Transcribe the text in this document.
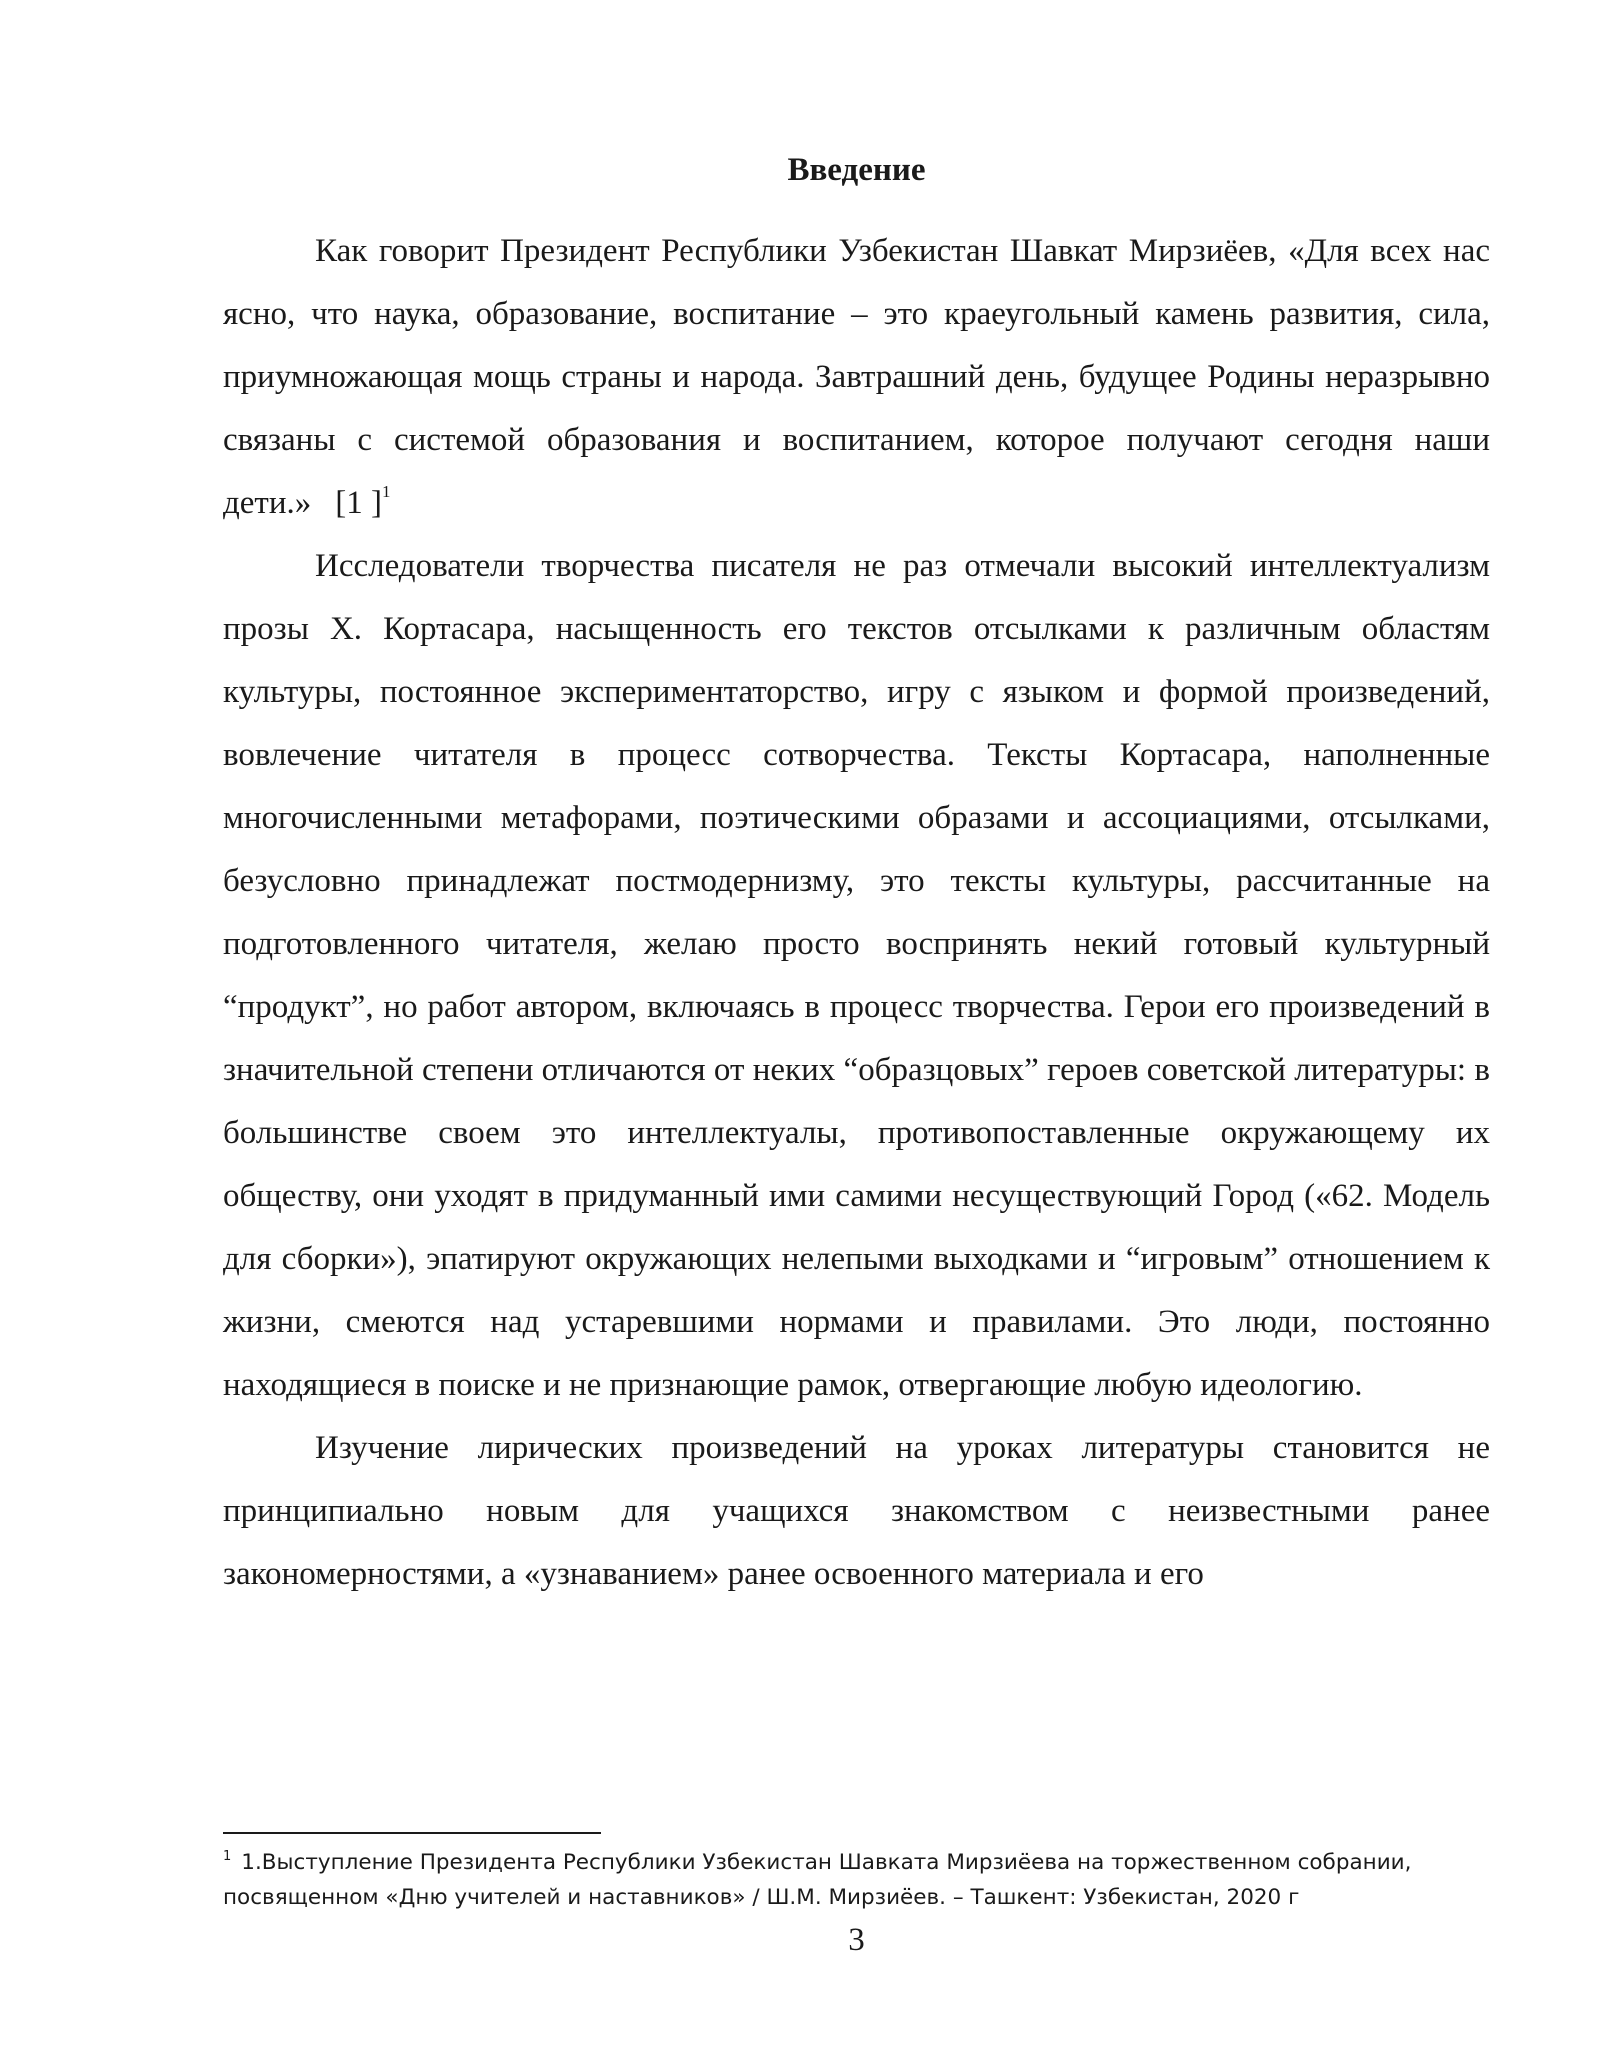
Введение

Как говорит Президент Республики Узбекистан Шавкат Мирзиёев, «Для всех нас ясно, что наука, образование, воспитание – это краеугольный камень развития, сила, приумножающая мощь страны и народа. Завтрашний день, будущее Родины неразрывно связаны с системой образования и воспитанием, которое получают сегодня наши дети.» [1 ]$^1$

Исследователи творчества писателя не раз отмечали высокий интеллектуализм прозы Х. Кортасара, насыщенность его текстов отсылками к различным областям культуры, постоянное экспериментаторство, игру с языком и формой произведений, вовлечение читателя в процесс сотворчества. Тексты Кортасара, наполненные многочисленными метафорами, поэтическими образами и ассоциациями, отсылками, безусловно принадлежат постмодернизму, это тексты культуры, рассчитанные на подготовленного читателя, желаю просто воспринять некий готовый культурный “продукт”, но работ автором, включаясь в процесс творчества. Герои его произведений в значительной степени отличаются от неких “образцовых” героев советской литературы: в большинстве своем это интеллектуалы, противопоставленные окружающему их обществу, они уходят в придуманный ими самими несуществующий Город («62. Модель для сборки»), эпатируют окружающих нелепыми выходками и “игровым” отношением к жизни, смеются над устаревшими нормами и правилами. Это люди, постоянно находящиеся в поиске и не признающие рамок, отвергающие любую идеологию.

Изучение лирических произведений на уроках литературы становится не принципиально новым для учащихся знакомством с неизвестными ранее закономерностями, а «узнаванием» ранее освоенного материала и его

$^1$ 1.Выступление Президента Республики Узбекистан Шавката Мирзиёева на торжественном собрании, посвященном «Дню учителей и наставников» / Ш.М. Мирзиёев. – Ташкент: Узбекистан, 2020 г

3
